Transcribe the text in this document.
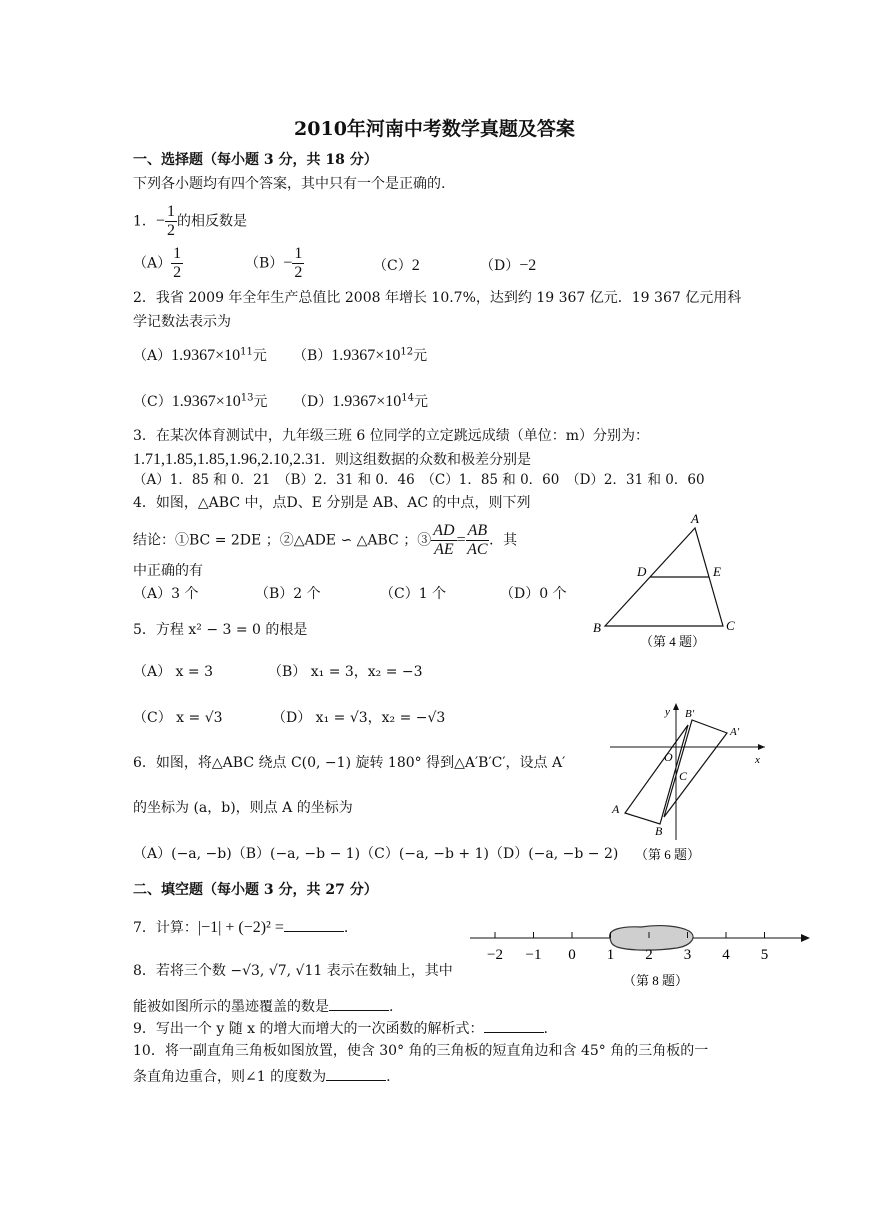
2010年河南中考数学真题及答案
一、选择题（每小题 3 分，共 18 分）
下列各小题均有四个答案，其中只有一个是正确的.
1．− $\frac{1}{2}$ 的相反数是
$(A) \frac{1}{2}$	$(B)- \frac{1}{2}$	（C）2	（D）−2
2．我省 2009 年全年生产总值比 2008 年增长 10.7%，达到约 19 367 亿元．19 367 亿元用科
学记数法表示为
$(A)1.9367\times 10^{11}$元 $(B)1.9367\times 10^{12}$元
$(C)1.9367\times 10^{13}$元 $(D)1.9367\times 10^{14}$元
3．在某次体育测试中，九年级三班 6 位同学的立定跳远成绩（单位：m）分别为：
1.71,1.85,1.85,1.96,2.10,2.31．则这组数据的众数和极差分别是
（A）1．85 和 0．21　（B）2．31 和 0．46　（C）1．85 和 0．60　（D）2．31 和 0．60
4．如图，△ABC 中，点D、E 分别是 AB、AC 的中点，则下列
结论：①BC = 2DE ；②△ADE ∽ △ABC ；③ $\frac{AD}{AE} = \frac{AB}{AC}$ ．其
中正确的有
（A）3 个	（B）2 个	（C）1 个	（D）0 个
A
B	C
D	E
（第 4 题）
5．方程 x² − 3 = 0 的根是
（A） x = 3	（B） x₁ = 3，x₂ = −3
（C） x = √3	（D） x₁ = √3，x₂ = −√3	y
x
O
C
A
B
A′
B′
（第 6 题）
6．如图，将△ABC 绕点 C(0, −1) 旋转 180° 得到△A′B′C′，设点 A′
的坐标为 (a，b)，则点 A 的坐标为
（A）(−a, −b)（B）(−a, −b − 1)（C）(−a, −b + 1)（D）(−a, −b − 2)
二、填空题（每小题 3 分，共 27 分）
7．计算：|−1| + (−2)² =	.
−2 −1 0 1 2 3 4 5
（第 8 题）
8．若将三个数 −√3, √7, √11 表示在数轴上，其中
能被如图所示的墨迹覆盖的数是	.
9．写出一个 y 随 x 的增大而增大的一次函数的解析式：	.
10．将一副直角三角板如图放置，使含 30° 角的三角板的短直角边和含 45° 角的三角板的一
条直角边重合，则∠1 的度数为	.
